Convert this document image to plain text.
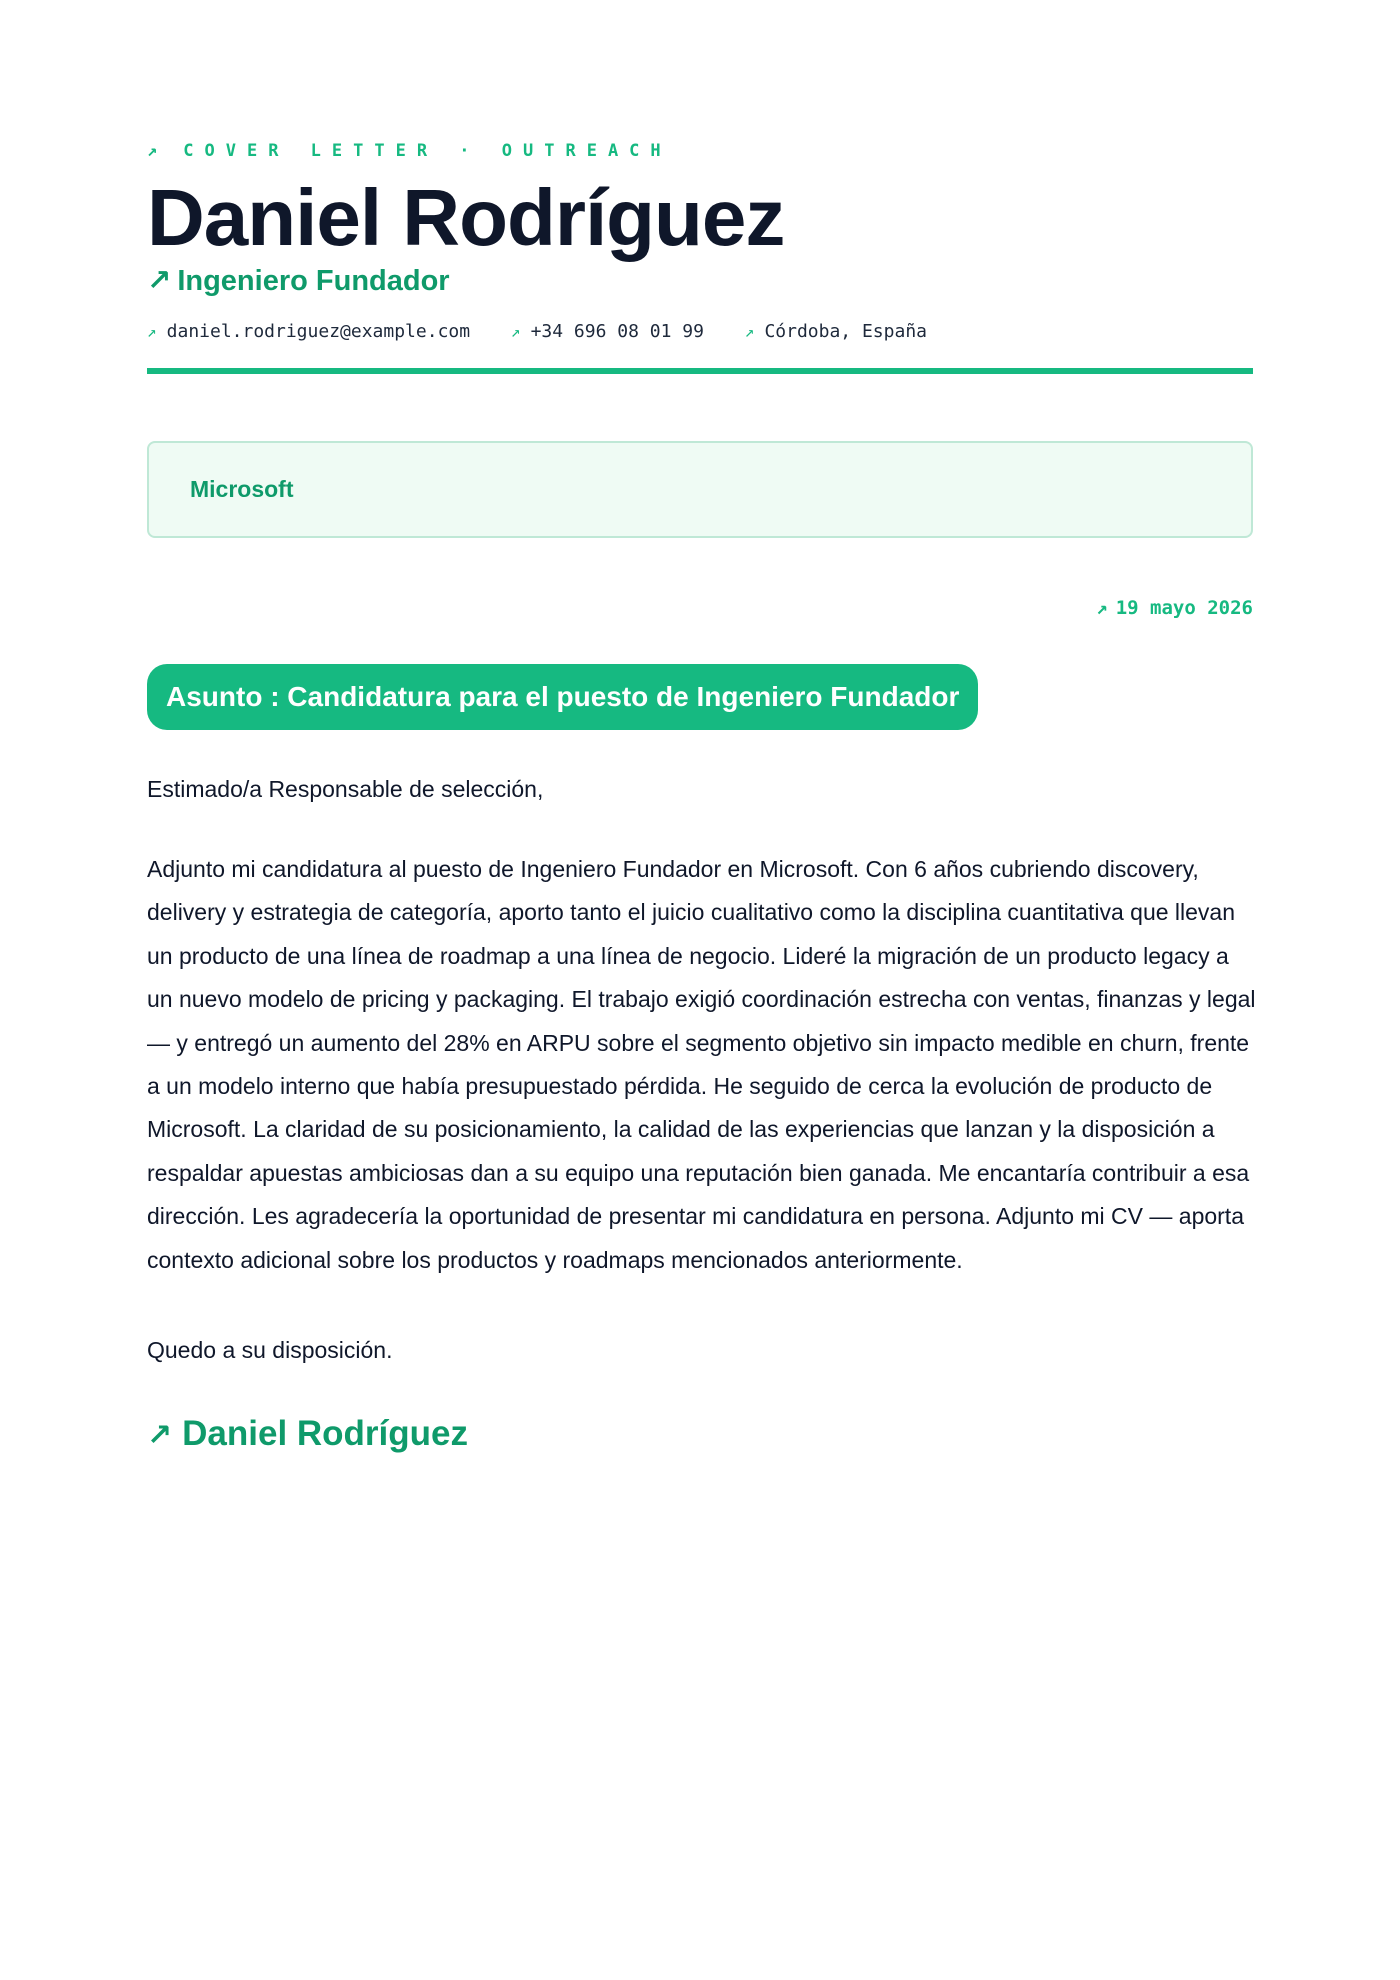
↗ COVER LETTER · OUTREACH
Daniel Rodríguez
↗ Ingeniero Fundador
↗ daniel.rodriguez@example.com	↗ +34 696 08 01 99	↗ Córdoba, España
Microsoft
↗ 19 mayo 2026
Asunto : Candidatura para el puesto de Ingeniero Fundador
Estimado/a Responsable de selección,
Adjunto mi candidatura al puesto de Ingeniero Fundador en Microsoft. Con 6 años cubriendo discovery, delivery y estrategia de categoría, aporto tanto el juicio cualitativo como la disciplina cuantitativa que llevan un producto de una línea de roadmap a una línea de negocio. Lideré la migración de un producto legacy a un nuevo modelo de pricing y packaging. El trabajo exigió coordinación estrecha con ventas, finanzas y legal — y entregó un aumento del 28% en ARPU sobre el segmento objetivo sin impacto medible en churn, frente a un modelo interno que había presupuestado pérdida. He seguido de cerca la evolución de producto de Microsoft. La claridad de su posicionamiento, la calidad de las experiencias que lanzan y la disposición a respaldar apuestas ambiciosas dan a su equipo una reputación bien ganada. Me encantaría contribuir a esa dirección. Les agradecería la oportunidad de presentar mi candidatura en persona. Adjunto mi CV — aporta contexto adicional sobre los productos y roadmaps mencionados anteriormente.
Quedo a su disposición.
↗ Daniel Rodríguez
